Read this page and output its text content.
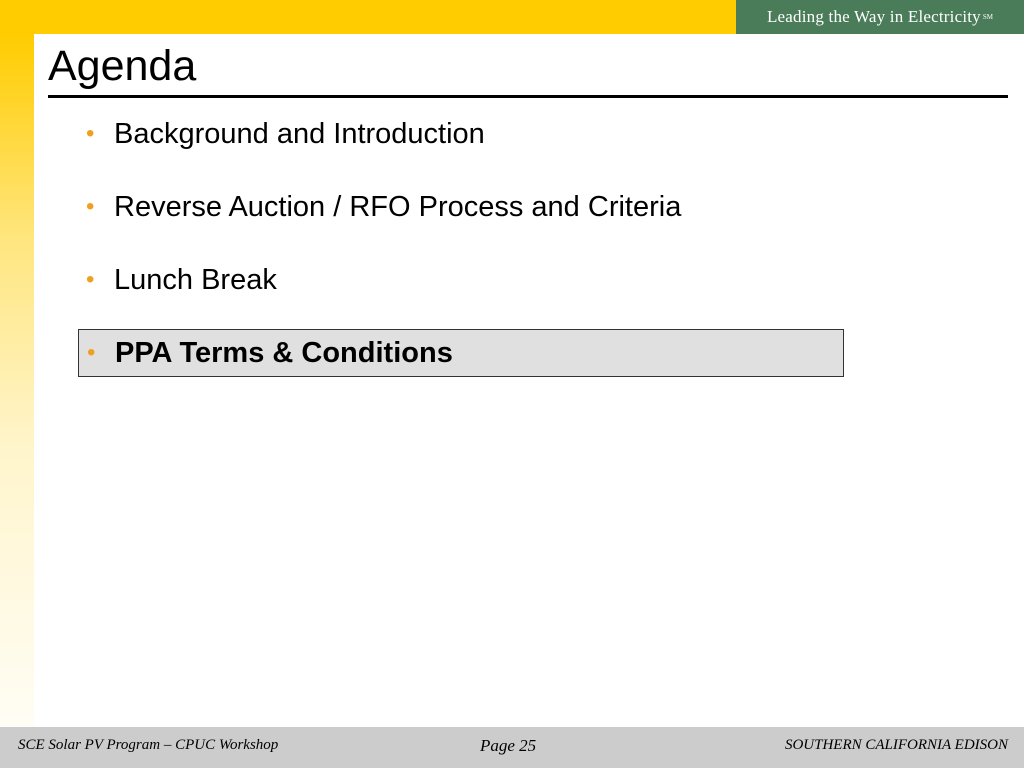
Leading the Way in Electricity SM
Agenda
• Background and Introduction
• Reverse Auction / RFO Process and Criteria
• Lunch Break
• PPA Terms & Conditions
SCE Solar PV Program – CPUC Workshop	Page 25	SOUTHERN CALIFORNIA EDISON
